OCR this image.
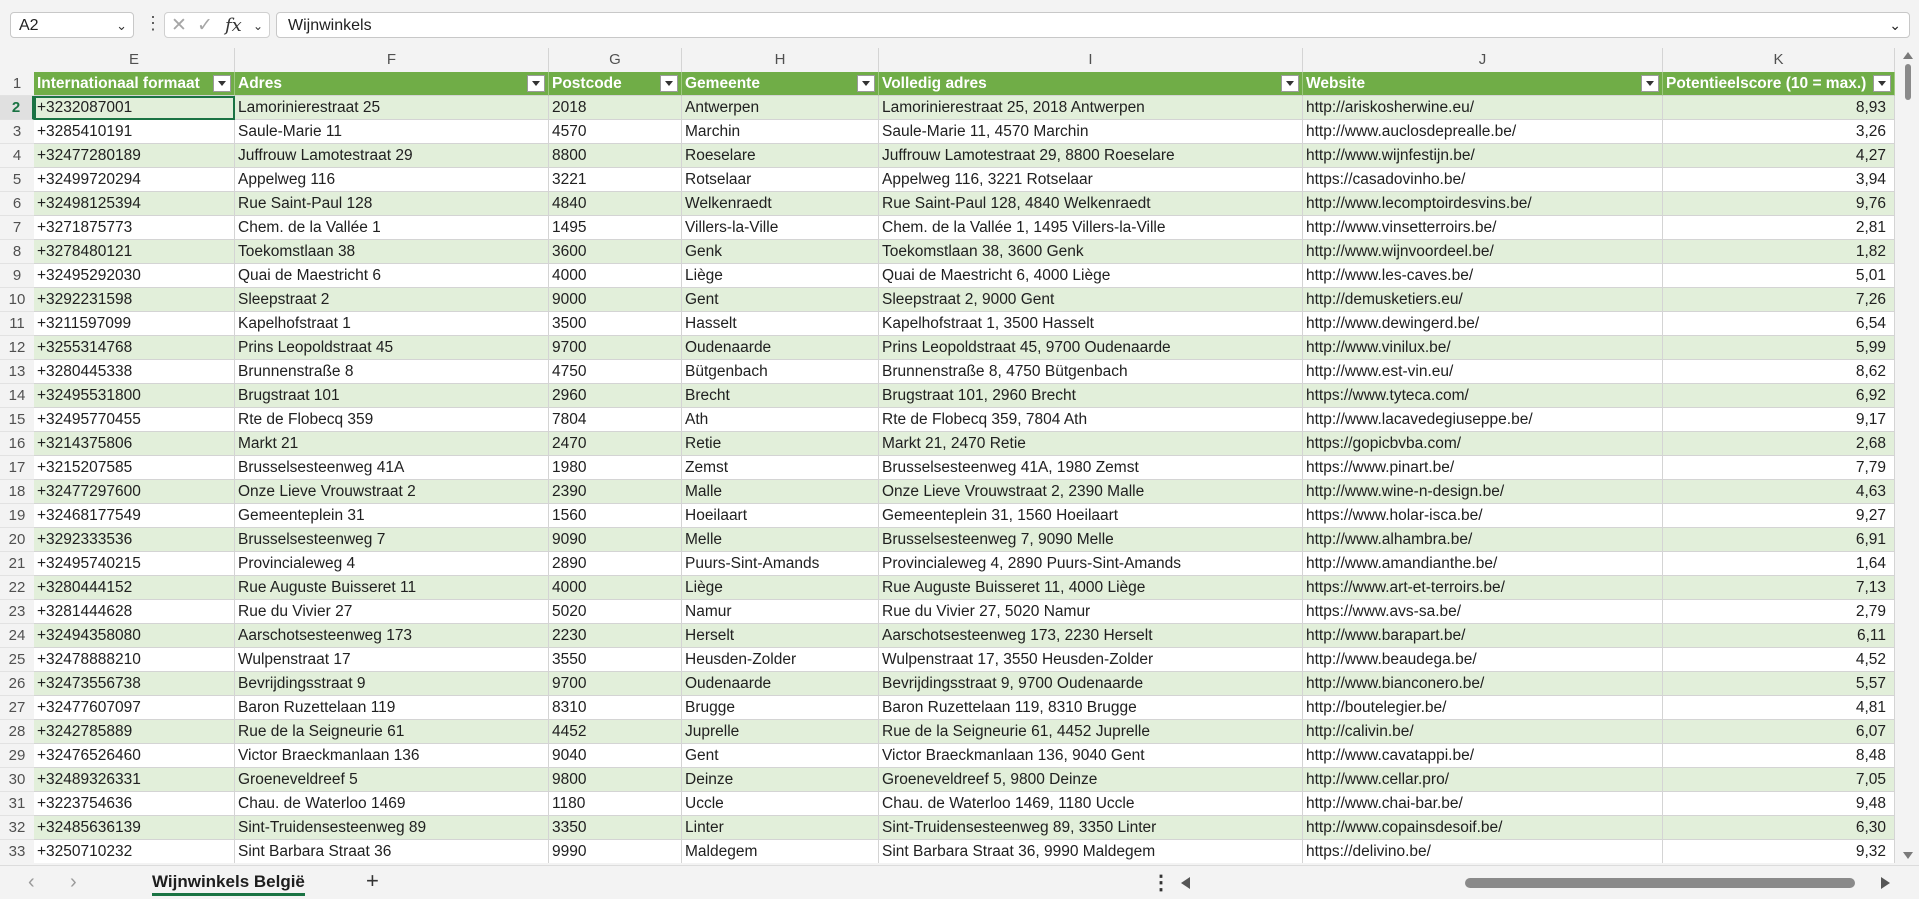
A2	⌄ ⋮ ✕ ✓ fx ⌄ Wijnwinkels	⌄
E	F	G	H	I	J	K
1	Internationaal formaat	Adres	Postcode	Gemeente	Volledig adres	Website	Potentieelscore (10 = max.)
2	+3232087001	Lamorinierestraat 25	2018	Antwerpen	Lamorinierestraat 25, 2018 Antwerpen	http://ariskosherwine.eu/	8,93
3	+3285410191	Saule-Marie 11	4570	Marchin	Saule-Marie 11, 4570 Marchin	http://www.auclosdeprealle.be/	3,26
4	+32477280189	Juffrouw Lamotestraat 29	8800	Roeselare	Juffrouw Lamotestraat 29, 8800 Roeselare	http://www.wijnfestijn.be/	4,27
5	+32499720294	Appelweg 116	3221	Rotselaar	Appelweg 116, 3221 Rotselaar	https://casadovinho.be/	3,94
6	+32498125394	Rue Saint-Paul 128	4840	Welkenraedt	Rue Saint-Paul 128, 4840 Welkenraedt	http://www.lecomptoirdesvins.be/	9,76
7	+3271875773	Chem. de la Vallée 1	1495	Villers-la-Ville	Chem. de la Vallée 1, 1495 Villers-la-Ville	http://www.vinsetterroirs.be/	2,81
8	+3278480121	Toekomstlaan 38	3600	Genk	Toekomstlaan 38, 3600 Genk	http://www.wijnvoordeel.be/	1,82
9	+32495292030	Quai de Maestricht 6	4000	Liège	Quai de Maestricht 6, 4000 Liège	http://www.les-caves.be/	5,01
10 +3292231598	Sleepstraat 2	9000	Gent	Sleepstraat 2, 9000 Gent	http://demusketiers.eu/	7,26
11 +3211597099	Kapelhofstraat 1	3500	Hasselt	Kapelhofstraat 1, 3500 Hasselt	http://www.dewingerd.be/	6,54
12 +3255314768	Prins Leopoldstraat 45	9700	Oudenaarde	Prins Leopoldstraat 45, 9700 Oudenaarde	http://www.vinilux.be/	5,99
13 +3280445338	Brunnenstraße 8	4750	Bütgenbach	Brunnenstraße 8, 4750 Bütgenbach	http://www.est-vin.eu/	8,62
14 +32495531800	Brugstraat 101	2960	Brecht	Brugstraat 101, 2960 Brecht	https://www.tyteca.com/	6,92
15 +32495770455	Rte de Flobecq 359	7804	Ath	Rte de Flobecq 359, 7804 Ath	http://www.lacavedegiuseppe.be/	9,17
16 +3214375806	Markt 21	2470	Retie	Markt 21, 2470 Retie	https://gopicbvba.com/	2,68
17 +3215207585	Brusselsesteenweg 41A	1980	Zemst	Brusselsesteenweg 41A, 1980 Zemst	https://www.pinart.be/	7,79
18 +32477297600	Onze Lieve Vrouwstraat 2	2390	Malle	Onze Lieve Vrouwstraat 2, 2390 Malle	http://www.wine-n-design.be/	4,63
19 +32468177549	Gemeenteplein 31	1560	Hoeilaart	Gemeenteplein 31, 1560 Hoeilaart	https://www.holar-isca.be/	9,27
20 +3292333536	Brusselsesteenweg 7	9090	Melle	Brusselsesteenweg 7, 9090 Melle	http://www.alhambra.be/	6,91
21 +32495740215	Provincialeweg 4	2890	Puurs-Sint-Amands	Provincialeweg 4, 2890 Puurs-Sint-Amands	http://www.amandianthe.be/	1,64
22 +3280444152	Rue Auguste Buisseret 11	4000	Liège	Rue Auguste Buisseret 11, 4000 Liège	https://www.art-et-terroirs.be/	7,13
23 +3281444628	Rue du Vivier 27	5020	Namur	Rue du Vivier 27, 5020 Namur	https://www.avs-sa.be/	2,79
24 +32494358080	Aarschotsesteenweg 173	2230	Herselt	Aarschotsesteenweg 173, 2230 Herselt	http://www.barapart.be/	6,11
25 +32478888210	Wulpenstraat 17	3550	Heusden-Zolder	Wulpenstraat 17, 3550 Heusden-Zolder	http://www.beaudega.be/	4,52
26 +32473556738	Bevrijdingsstraat 9	9700	Oudenaarde	Bevrijdingsstraat 9, 9700 Oudenaarde	http://www.bianconero.be/	5,57
27 +32477607097	Baron Ruzettelaan 119	8310	Brugge	Baron Ruzettelaan 119, 8310 Brugge	http://boutelegier.be/	4,81
28 +3242785889	Rue de la Seigneurie 61	4452	Juprelle	Rue de la Seigneurie 61, 4452 Juprelle	http://calivin.be/	6,07
29 +32476526460	Victor Braeckmanlaan 136	9040	Gent	Victor Braeckmanlaan 136, 9040 Gent	http://www.cavatappi.be/	8,48
30 +32489326331	Groeneveldreef 5	9800	Deinze	Groeneveldreef 5, 9800 Deinze	http://www.cellar.pro/	7,05
31 +3223754636	Chau. de Waterloo 1469	1180	Uccle	Chau. de Waterloo 1469, 1180 Uccle	http://www.chai-bar.be/	9,48
32 +32485636139	Sint-Truidensesteenweg 89	3350	Linter	Sint-Truidensesteenweg 89, 3350 Linter	http://www.copainsdesoif.be/	6,30
33 +3250710232	Sint Barbara Straat 36	9990	Maldegem	Sint Barbara Straat 36, 9990 Maldegem	https://delivino.be/	9,32
‹ ›	Wijnwinkels België	+	⋮
